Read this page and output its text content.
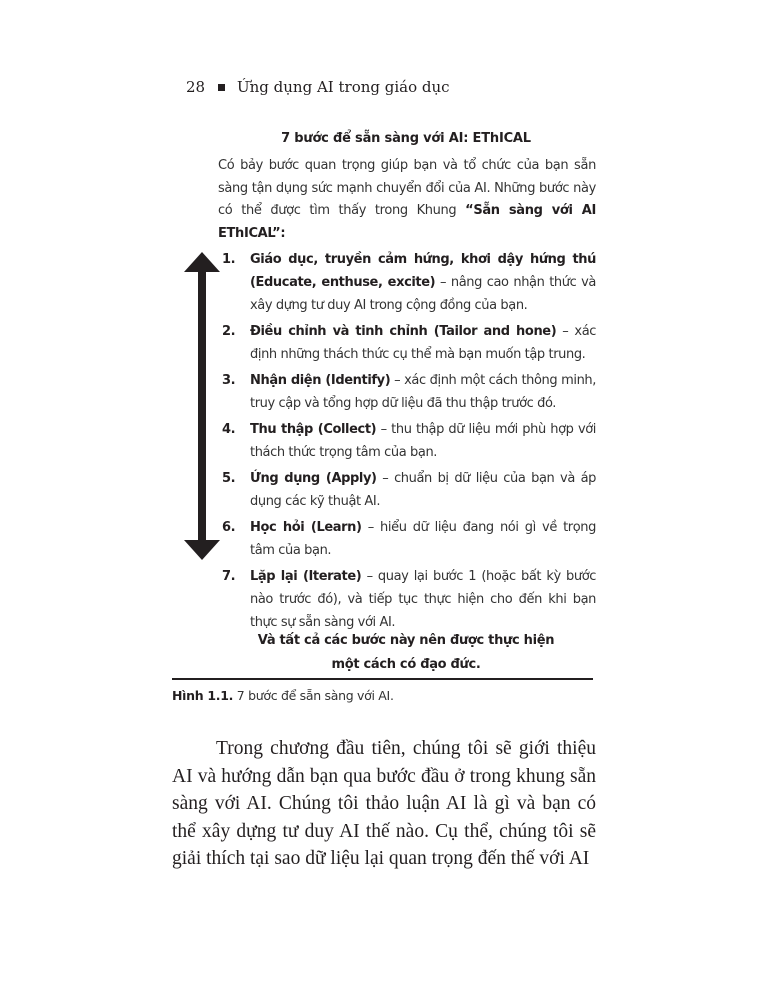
28 Ứng dụng AI trong giáo dục
7 bước để sẵn sàng với AI: EThICAL
Có bảy bước quan trọng giúp bạn và tổ chức của bạn sẵn sàng tận dụng sức mạnh chuyển đổi của AI. Những bước này có thể được tìm thấy trong Khung “Sẵn sàng với AI EThICAL”:
1. Giáo dục, truyền cảm hứng, khơi dậy hứng thú (Educate, enthuse, excite) – nâng cao nhận thức và xây dựng tư duy AI trong cộng đồng của bạn.
2. Điều chỉnh và tinh chỉnh (Tailor and hone) – xác định những thách thức cụ thể mà bạn muốn tập trung.
3. Nhận diện (Identify) – xác định một cách thông minh, truy cập và tổng hợp dữ liệu đã thu thập trước đó.
4. Thu thập (Collect) – thu thập dữ liệu mới phù hợp với thách thức trọng tâm của bạn.
5. Ứng dụng (Apply) – chuẩn bị dữ liệu của bạn và áp dụng các kỹ thuật AI.
6. Học hỏi (Learn) – hiểu dữ liệu đang nói gì về trọng tâm của bạn.
7. Lặp lại (Iterate) – quay lại bước 1 (hoặc bất kỳ bước nào trước đó), và tiếp tục thực hiện cho đến khi bạn thực sự sẵn sàng với AI.
Và tất cả các bước này nên được thực hiện
một cách có đạo đức.
Hình 1.1. 7 bước để sẵn sàng với AI.
Trong chương đầu tiên, chúng tôi sẽ giới thiệu AI và hướng dẫn bạn qua bước đầu ở trong khung sẵn sàng với AI. Chúng tôi thảo luận AI là gì và bạn có thể xây dựng tư duy AI thế nào. Cụ thể, chúng tôi sẽ giải thích tại sao dữ liệu lại quan trọng đến thế với AI
